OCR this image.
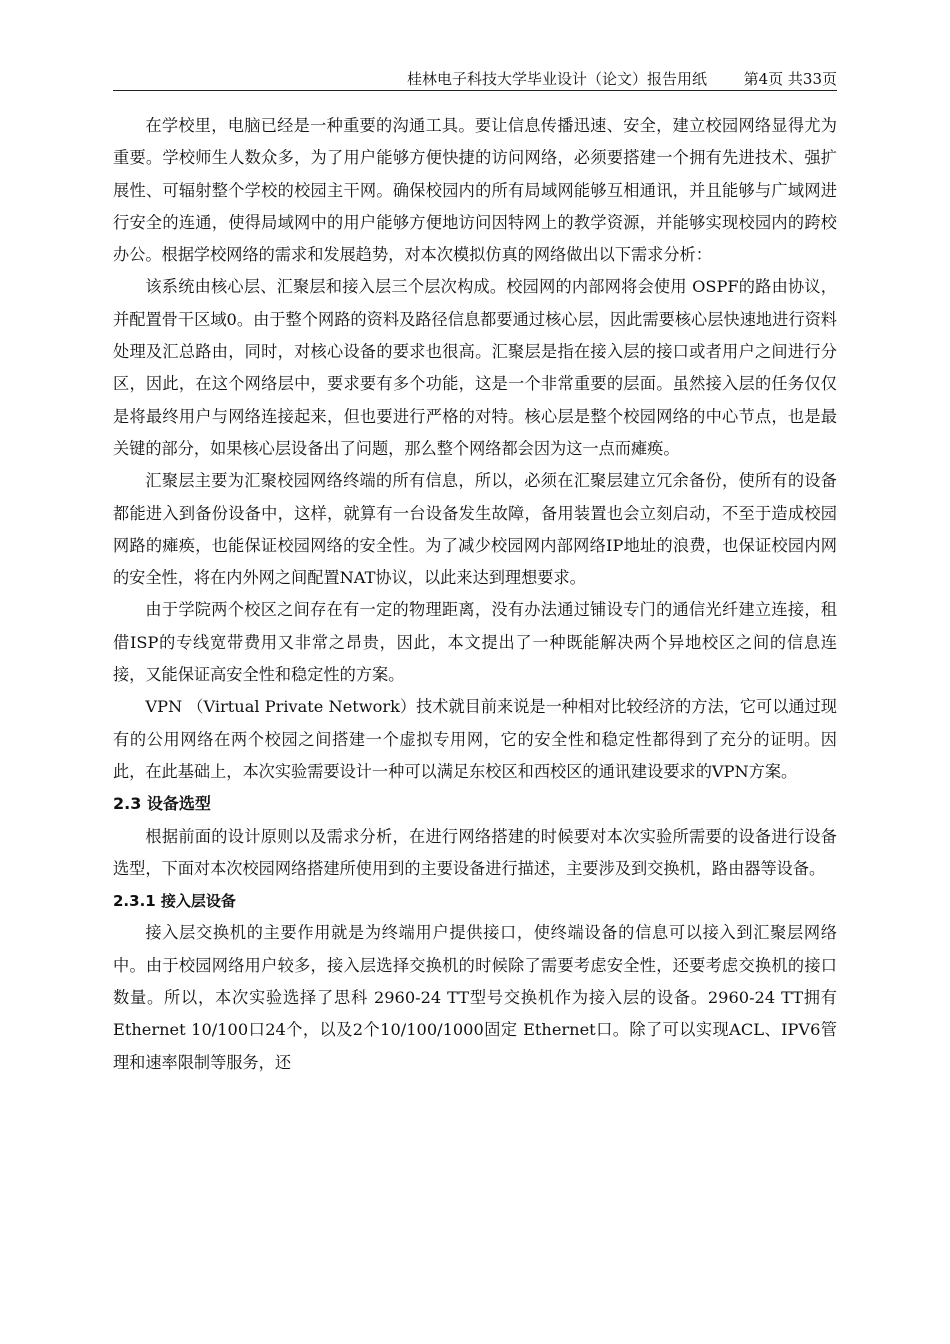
桂林电子科技大学毕业设计（论文）报告用纸 第4页 共33页

在学校里，电脑已经是一种重要的沟通工具。要让信息传播迅速、安全，建立校园网络显得尤为重要。学校师生人数众多，为了用户能够方便快捷的访问网络，必须要搭建一个拥有先进技术、强扩展性、可辐射整个学校的校园主干网。确保校园内的所有局域网能够互相通讯，并且能够与广域网进行安全的连通，使得局域网中的用户能够方便地访问因特网上的教学资源，并能够实现校园内的跨校办公。根据学校网络的需求和发展趋势，对本次模拟仿真的网络做出以下需求分析：

该系统由核心层、汇聚层和接入层三个层次构成。校园网的内部网将会使用 OSPF的路由协议，并配置骨干区域0。由于整个网路的资料及路径信息都要通过核心层，因此需要核心层快速地进行资料处理及汇总路由，同时，对核心设备的要求也很高。汇聚层是指在接入层的接口或者用户之间进行分区，因此，在这个网络层中，要求要有多个功能，这是一个非常重要的层面。虽然接入层的任务仅仅是将最终用户与网络连接起来，但也要进行严格的对特。核心层是整个校园网络的中心节点，也是最关键的部分，如果核心层设备出了问题，那么整个网络都会因为这一点而瘫痪。

汇聚层主要为汇聚校园网络终端的所有信息，所以，必须在汇聚层建立冗余备份，使所有的设备都能进入到备份设备中，这样，就算有一台设备发生故障，备用装置也会立刻启动，不至于造成校园网路的瘫痪，也能保证校园网络的安全性。为了减少校园网内部网络IP地址的浪费，也保证校园内网的安全性，将在内外网之间配置NAT协议，以此来达到理想要求。

由于学院两个校区之间存在有一定的物理距离，没有办法通过铺设专门的通信光纤建立连接，租借ISP的专线宽带费用又非常之昂贵，因此，本文提出了一种既能解决两个异地校区之间的信息连接，又能保证高安全性和稳定性的方案。

VPN （Virtual Private Network）技术就目前来说是一种相对比较经济的方法，它可以通过现有的公用网络在两个校园之间搭建一个虚拟专用网，它的安全性和稳定性都得到了充分的证明。因此，在此基础上，本次实验需要设计一种可以满足东校区和西校区的通讯建设要求的VPN方案。

2.3 设备选型

根据前面的设计原则以及需求分析，在进行网络搭建的时候要对本次实验所需要的设备进行设备选型，下面对本次校园网络搭建所使用到的主要设备进行描述，主要涉及到交换机，路由器等设备。

2.3.1 接入层设备

接入层交换机的主要作用就是为终端用户提供接口，使终端设备的信息可以接入到汇聚层网络中。由于校园网络用户较多，接入层选择交换机的时候除了需要考虑安全性，还要考虑交换机的接口数量。所以，本次实验选择了思科 2960-24 TT型号交换机作为接入层的设备。2960-24 TT拥有Ethernet 10/100口24个，以及2个10/100/1000固定 Ethernet口。除了可以实现ACL、IPV6管理和速率限制等服务，还
